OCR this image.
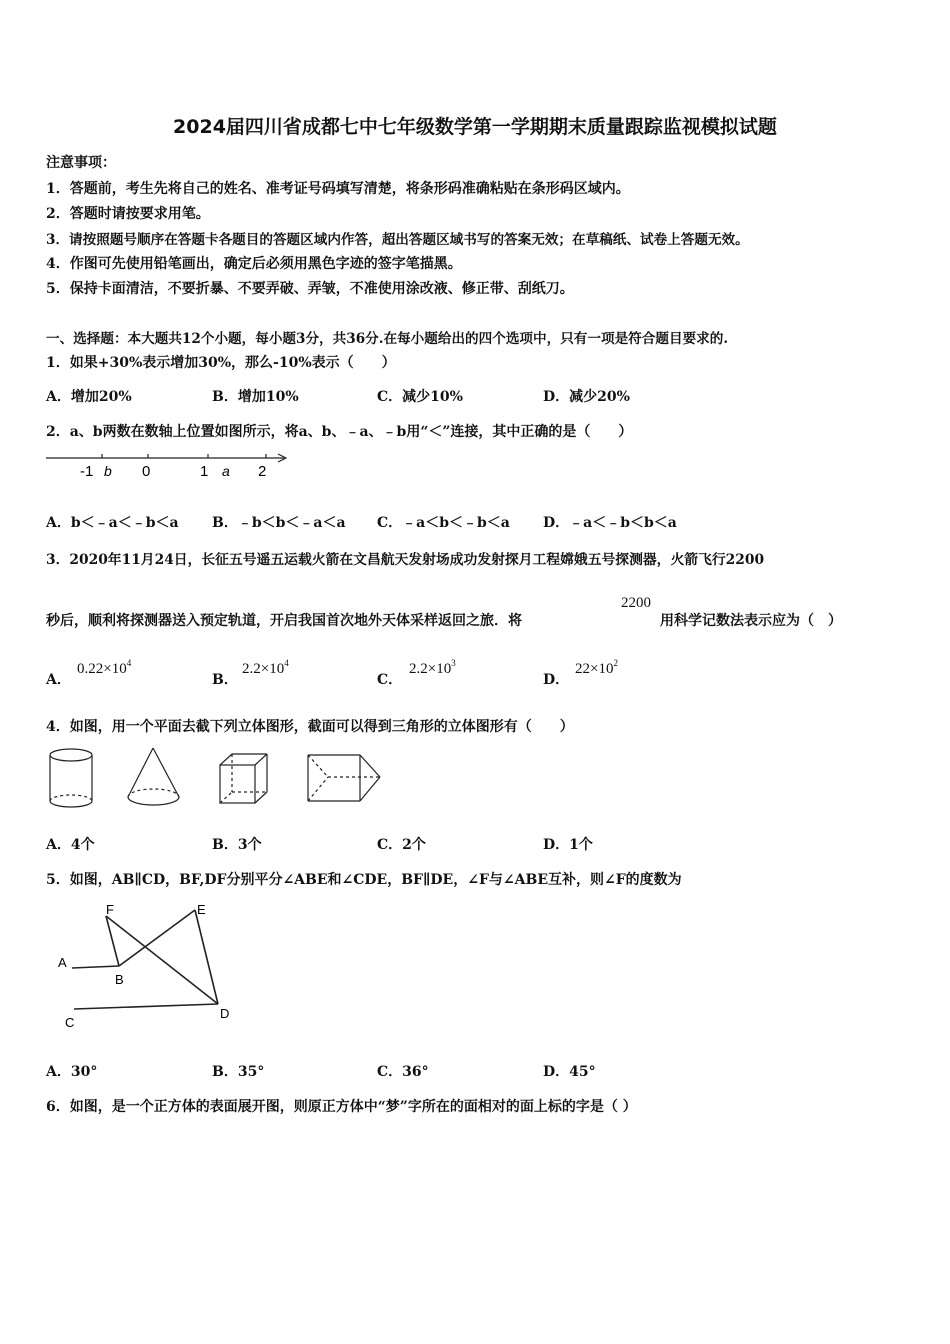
2024届四川省成都七中七年级数学第一学期期末质量跟踪监视模拟试题
注意事项：
1．答题前，考生先将自己的姓名、准考证号码填写清楚，将条形码准确粘贴在条形码区域内。
2．答题时请按要求用笔。
3．请按照题号顺序在答题卡各题目的答题区域内作答，超出答题区域书写的答案无效；在草稿纸、试卷上答题无效。
4．作图可先使用铅笔画出，确定后必须用黑色字迹的签字笔描黑。
5．保持卡面清洁，不要折暴、不要弄破、弄皱，不准使用涂改液、修正带、刮纸刀。
一、选择题：本大题共12个小题，每小题3分，共36分.在每小题给出的四个选项中，只有一项是符合题目要求的.
1．如果+30%表示增加30%，那么-10%表示（　　）
A．增加20%	B．增加10%	C．减少10%	D．减少20%
2．a、b两数在数轴上位置如图所示，将a、b、﹣a、﹣b用“＜”连接，其中正确的是（　　）
-1 b 0	1 a 2
A．b＜﹣a＜﹣b＜a B．﹣b＜b＜﹣a＜a C．﹣a＜b＜﹣b＜a D．﹣a＜﹣b＜b＜a
3．2020年11月24日，长征五号遥五运载火箭在文昌航天发射场成功发射探月工程嫦娥五号探测器，火箭飞行2200
秒后，顺利将探测器送入预定轨道，开启我国首次地外天体采样返回之旅．将
2200
用科学记数法表示应为（　）
A．
$0.22\times 10^4$
B．
$2.2\times 10^4$
C．
$2.2\times 10^3$
D．
$22\times 10^2$
4．如图，用一个平面去截下列立体图形，截面可以得到三角形的立体图形有（　　）
A．4个	B．3个	C．2个	D．1个
5．如图，AB∥CD，BF,DF分别平分∠ABE和∠CDE，BF∥DE，∠F与∠ABE互补，则∠F的度数为
F	E
A
B
C
D
A．30°	B．35°	C．36°	D．45°
6．如图，是一个正方体的表面展开图，则原正方体中“梦”字所在的面相对的面上标的字是（ ）
